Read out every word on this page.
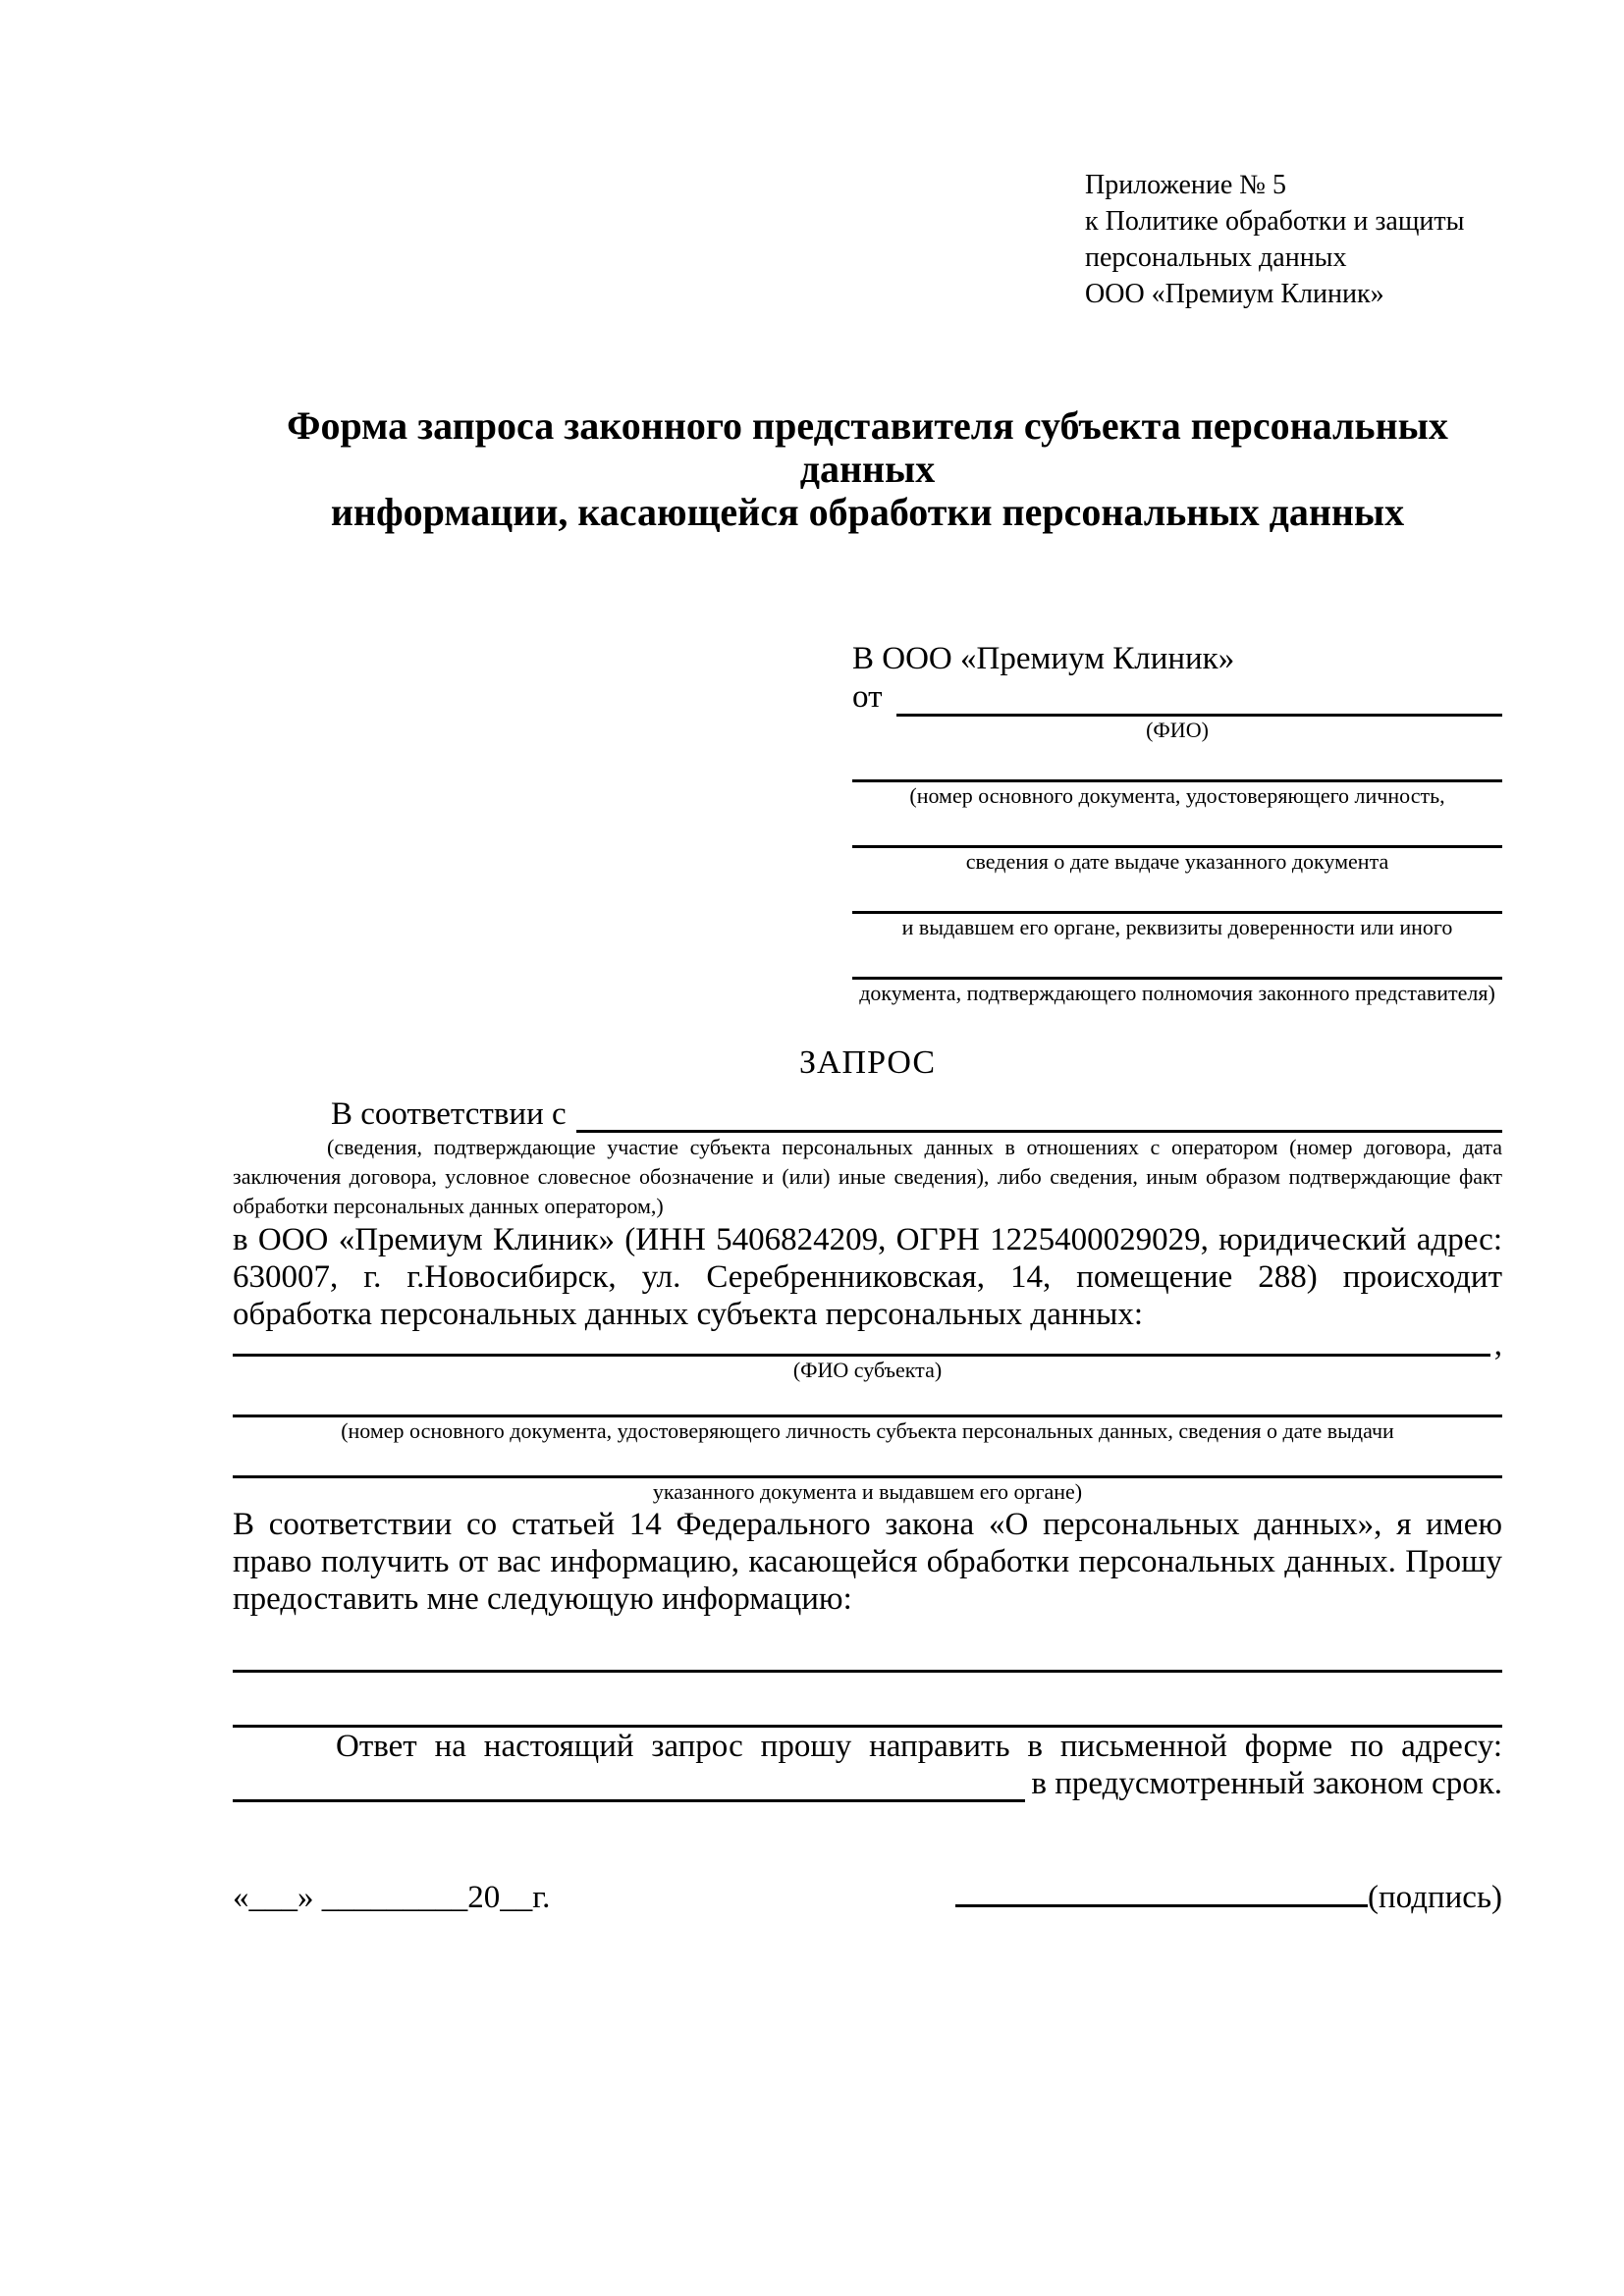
Приложение № 5
к Политике обработки и защиты
персональных данных
ООО «Премиум Клиник»
Форма запроса законного представителя субъекта персональных данных
информации, касающейся обработки персональных данных
В ООО «Премиум Клиник»
от
(ФИО)
(номер основного документа, удостоверяющего личность,
сведения о дате выдаче указанного документа
и выдавшем его органе, реквизиты доверенности или иного
документа, подтверждающего полномочия законного представителя)
ЗАПРОС
В соответствии с
(сведения, подтверждающие участие субъекта персональных данных в отношениях с оператором (номер договора, дата заключения договора, условное словесное обозначение и (или) иные сведения), либо сведения, иным образом подтверждающие факт обработки персональных данных оператором,)

в ООО «Премиум Клиник» (ИНН 5406824209, ОГРН 1225400029029, юридический адрес: 630007, г. г.Новосибирск, ул. Серебренниковская, 14, помещение 288) происходит обработка персональных данных субъекта персональных данных:

,
(ФИО субъекта)
(номер основного документа, удостоверяющего личность субъекта персональных данных, сведения о дате выдачи
указанного документа и выдавшем его органе)

В соответствии со статьей 14 Федерального закона «О персональных данных», я имею право получить от вас информацию, касающейся обработки персональных данных. Прошу предоставить мне следующую информацию:

Ответ на настоящий запрос прошу направить в письменной форме по адресу:

в предусмотренный законом срок.
«___» _________20__г.	(подпись)
